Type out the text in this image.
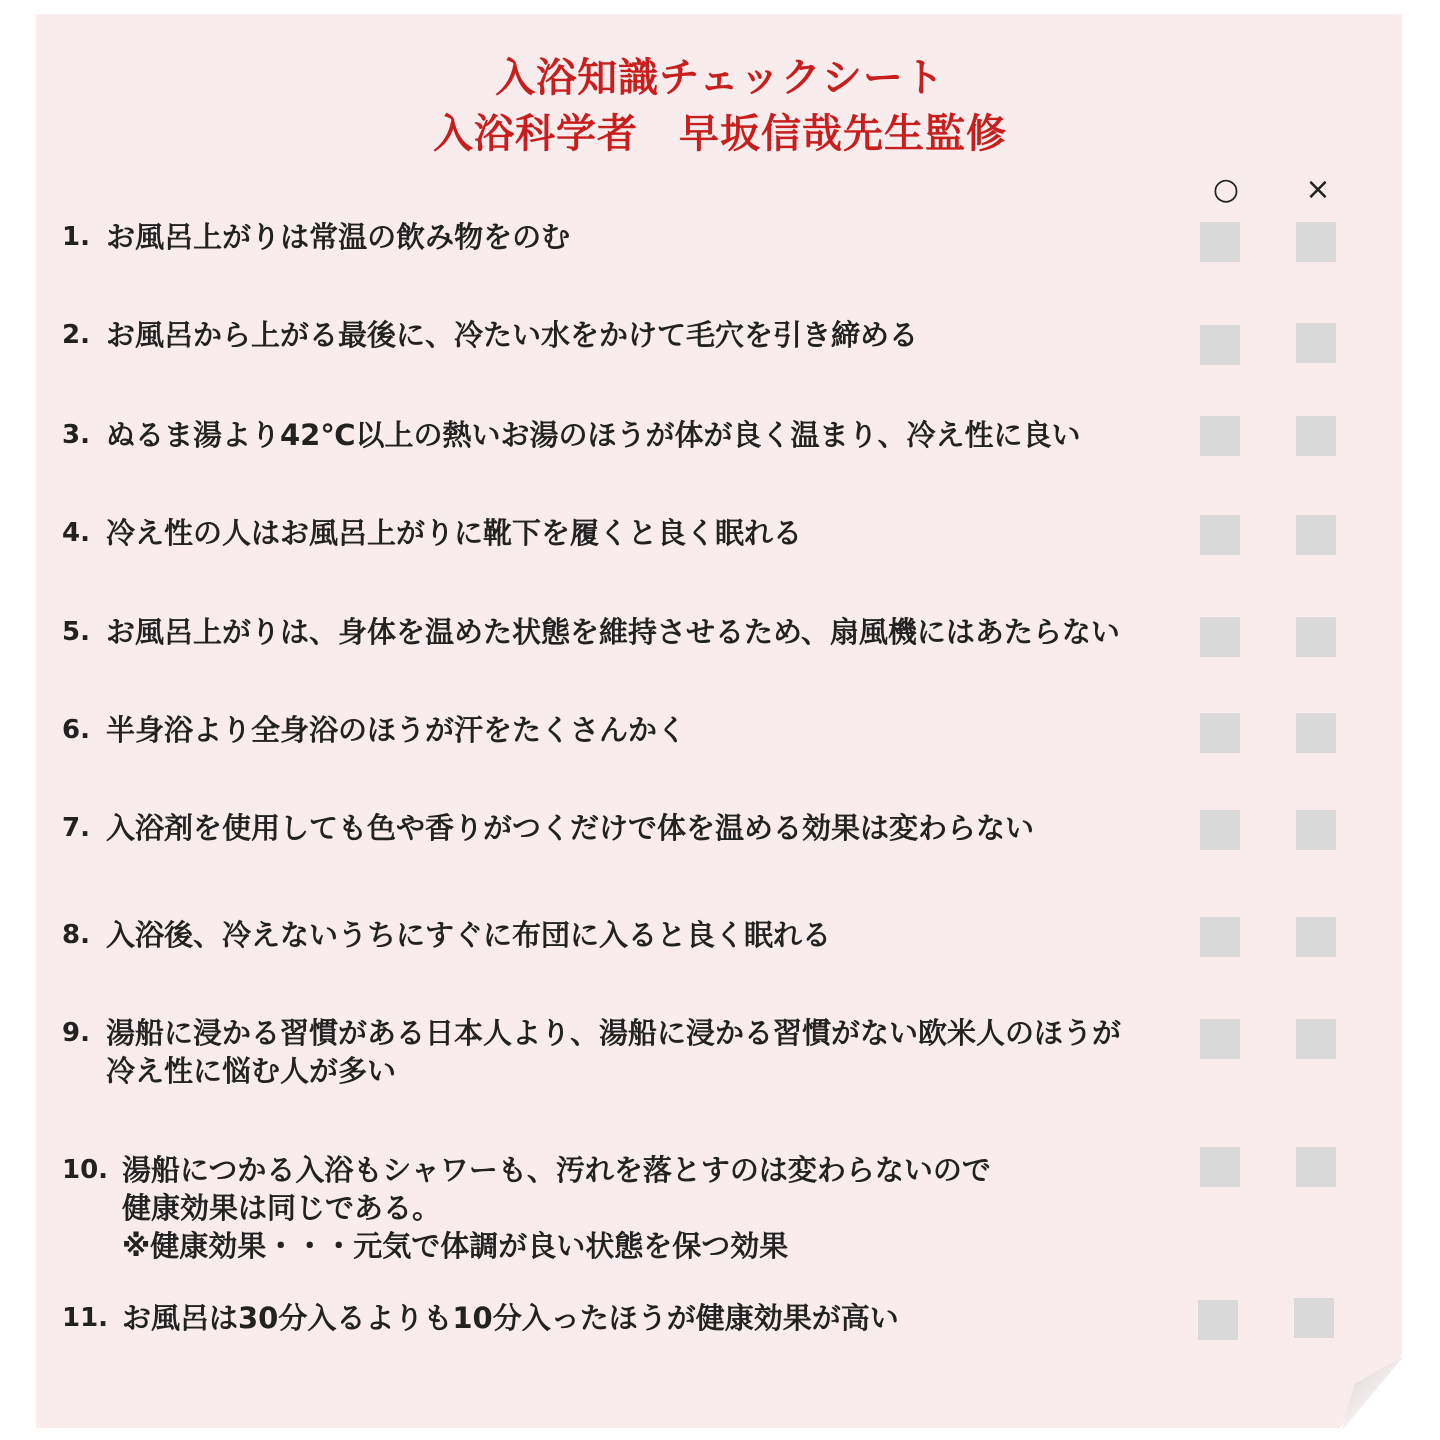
入浴知識チェックシート
入浴科学者　早坂信哉先生監修
○	×
1. お風呂上がりは常温の飲み物をのむ
2. お風呂から上がる最後に、冷たい水をかけて毛穴を引き締める
3. ぬるま湯より42℃以上の熱いお湯のほうが体が良く温まり、冷え性に良い
4. 冷え性の人はお風呂上がりに靴下を履くと良く眠れる
5. お風呂上がりは、身体を温めた状態を維持させるため、扇風機にはあたらない
6. 半身浴より全身浴のほうが汗をたくさんかく
7. 入浴剤を使用しても色や香りがつくだけで体を温める効果は変わらない
8. 入浴後、冷えないうちにすぐに布団に入ると良く眠れる
9. 湯船に浸かる習慣がある日本人より、湯船に浸かる習慣がない欧米人のほうが
冷え性に悩む人が多い
10. 湯船につかる入浴もシャワーも、汚れを落とすのは変わらないので
健康効果は同じである。
※健康効果・・・元気で体調が良い状態を保つ効果
11. お風呂は30分入るよりも10分入ったほうが健康効果が高い
